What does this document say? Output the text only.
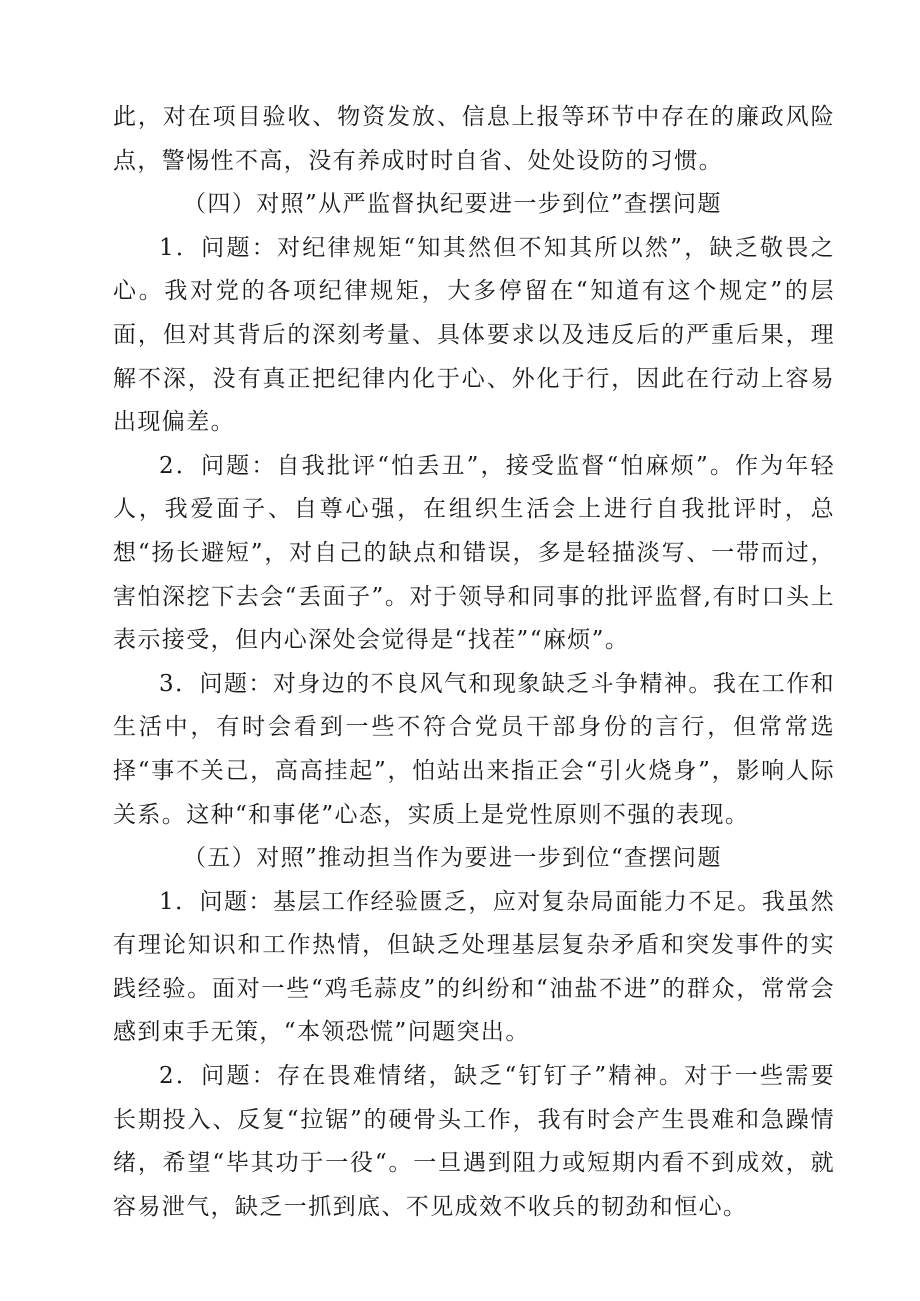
此，对在项目验收、物资发放、信息上报等环节中存在的廉政风险点，警惕性不高，没有养成时时自省、处处设防的习惯。

（四）对照”从严监督执纪要进一步到位”查摆问题

1．问题：对纪律规矩“知其然但不知其所以然”，缺乏敬畏之心。我对党的各项纪律规矩，大多停留在“知道有这个规定”的层面，但对其背后的深刻考量、具体要求以及违反后的严重后果，理解不深，没有真正把纪律内化于心、外化于行，因此在行动上容易出现偏差。

2．问题：自我批评“怕丢丑”，接受监督“怕麻烦”。作为年轻人，我爱面子、自尊心强，在组织生活会上进行自我批评时，总想“扬长避短”，对自己的缺点和错误，多是轻描淡写、一带而过，害怕深挖下去会“丢面子”。对于领导和同事的批评监督,有时口头上表示接受，但内心深处会觉得是“找茬”“麻烦”。

3．问题：对身边的不良风气和现象缺乏斗争精神。我在工作和生活中，有时会看到一些不符合党员干部身份的言行，但常常选择“事不关己，高高挂起”，怕站出来指正会“引火烧身”，影响人际关系。这种“和事佬”心态，实质上是党性原则不强的表现。

（五）对照”推动担当作为要进一步到位“查摆问题

1．问题：基层工作经验匮乏，应对复杂局面能力不足。我虽然有理论知识和工作热情，但缺乏处理基层复杂矛盾和突发事件的实践经验。面对一些“鸡毛蒜皮”的纠纷和“油盐不进”的群众，常常会感到束手无策，“本领恐慌”问题突出。

2．问题：存在畏难情绪，缺乏“钉钉子”精神。对于一些需要长期投入、反复“拉锯”的硬骨头工作，我有时会产生畏难和急躁情绪，希望“毕其功于一役“。一旦遇到阻力或短期内看不到成效，就容易泄气，缺乏一抓到底、不见成效不收兵的韧劲和恒心。
